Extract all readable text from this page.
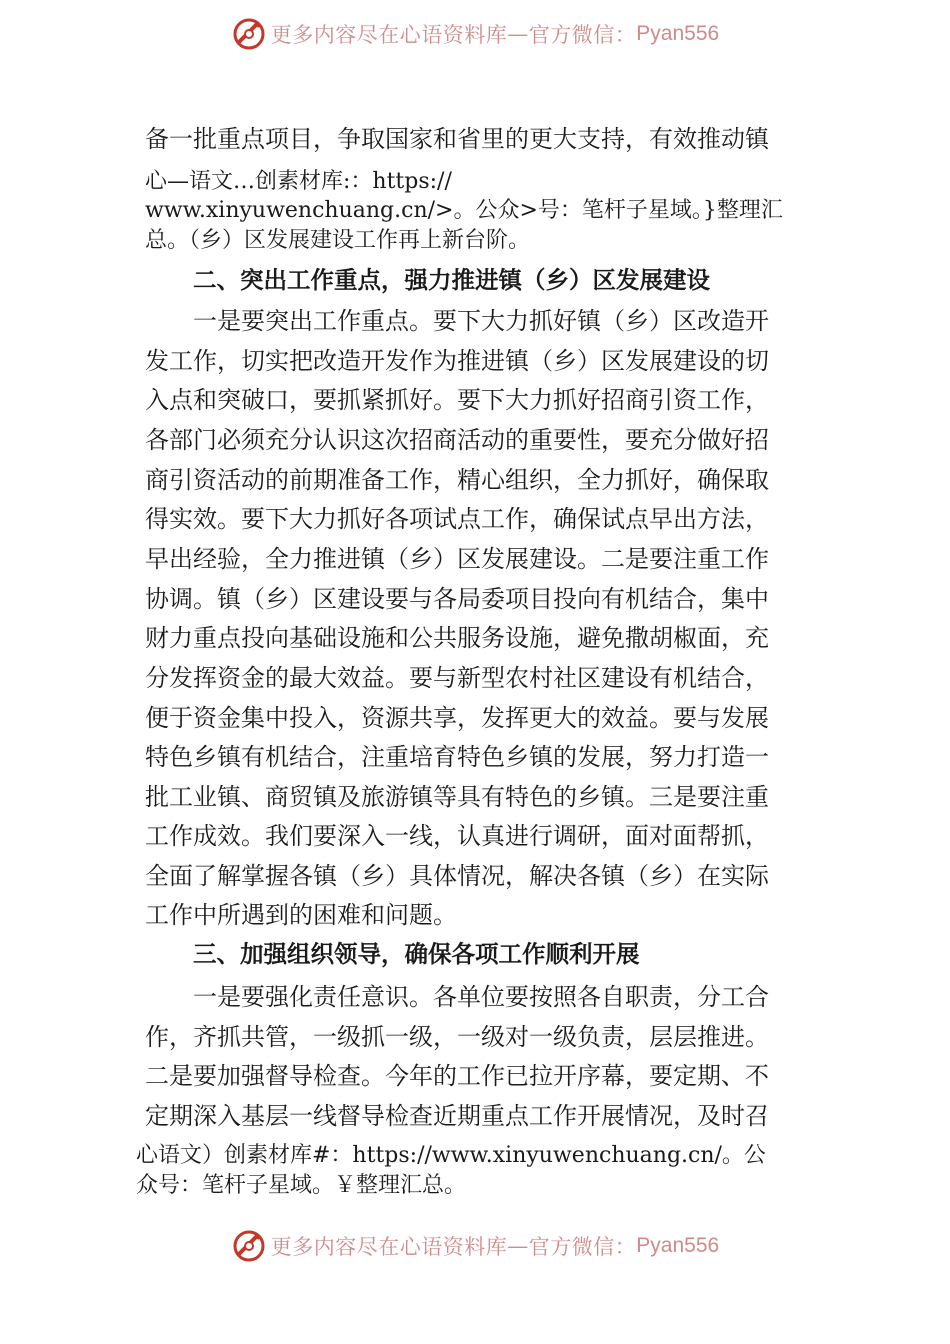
更多内容尽在心语资料库 — 官方微信： Pyan556
备一批重点项目，争取国家和省里的更大支持，有效推动镇
心—语文…创素材库:：https://
www.xinyuwenchuang.cn/>。公众>号：笔杆子星域。}整理汇
总。（乡）区发展建设工作再上新台阶。
二、突出工作重点，强力推进镇（乡）区发展建设
一是要突出工作重点。要下大力抓好镇（乡）区改造开
发工作，切实把改造开发作为推进镇（乡）区发展建设的切
入点和突破口，要抓紧抓好。要下大力抓好招商引资工作，
各部门必须充分认识这次招商活动的重要性，要充分做好招
商引资活动的前期准备工作，精心组织，全力抓好，确保取
得实效。要下大力抓好各项试点工作，确保试点早出方法，
早出经验，全力推进镇（乡）区发展建设。二是要注重工作
协调。镇（乡）区建设要与各局委项目投向有机结合，集中
财力重点投向基础设施和公共服务设施，避免撒胡椒面，充
分发挥资金的最大效益。要与新型农村社区建设有机结合，
便于资金集中投入，资源共享，发挥更大的效益。要与发展
特色乡镇有机结合，注重培育特色乡镇的发展，努力打造一
批工业镇、商贸镇及旅游镇等具有特色的乡镇。三是要注重
工作成效。我们要深入一线，认真进行调研，面对面帮抓，
全面了解掌握各镇（乡）具体情况，解决各镇（乡）在实际
工作中所遇到的困难和问题。
三、加强组织领导，确保各项工作顺利开展
一是要强化责任意识。各单位要按照各自职责，分工合
作，齐抓共管，一级抓一级，一级对一级负责，层层推进。
二是要加强督导检查。今年的工作已拉开序幕，要定期、不
定期深入基层一线督导检查近期重点工作开展情况，及时召
心语文）创素材库#：https://www.xinyuwenchuang.cn/。公
众号：笔杆子星域。￥整理汇总。
更多内容尽在心语资料库 — 官方微信： Pyan556
